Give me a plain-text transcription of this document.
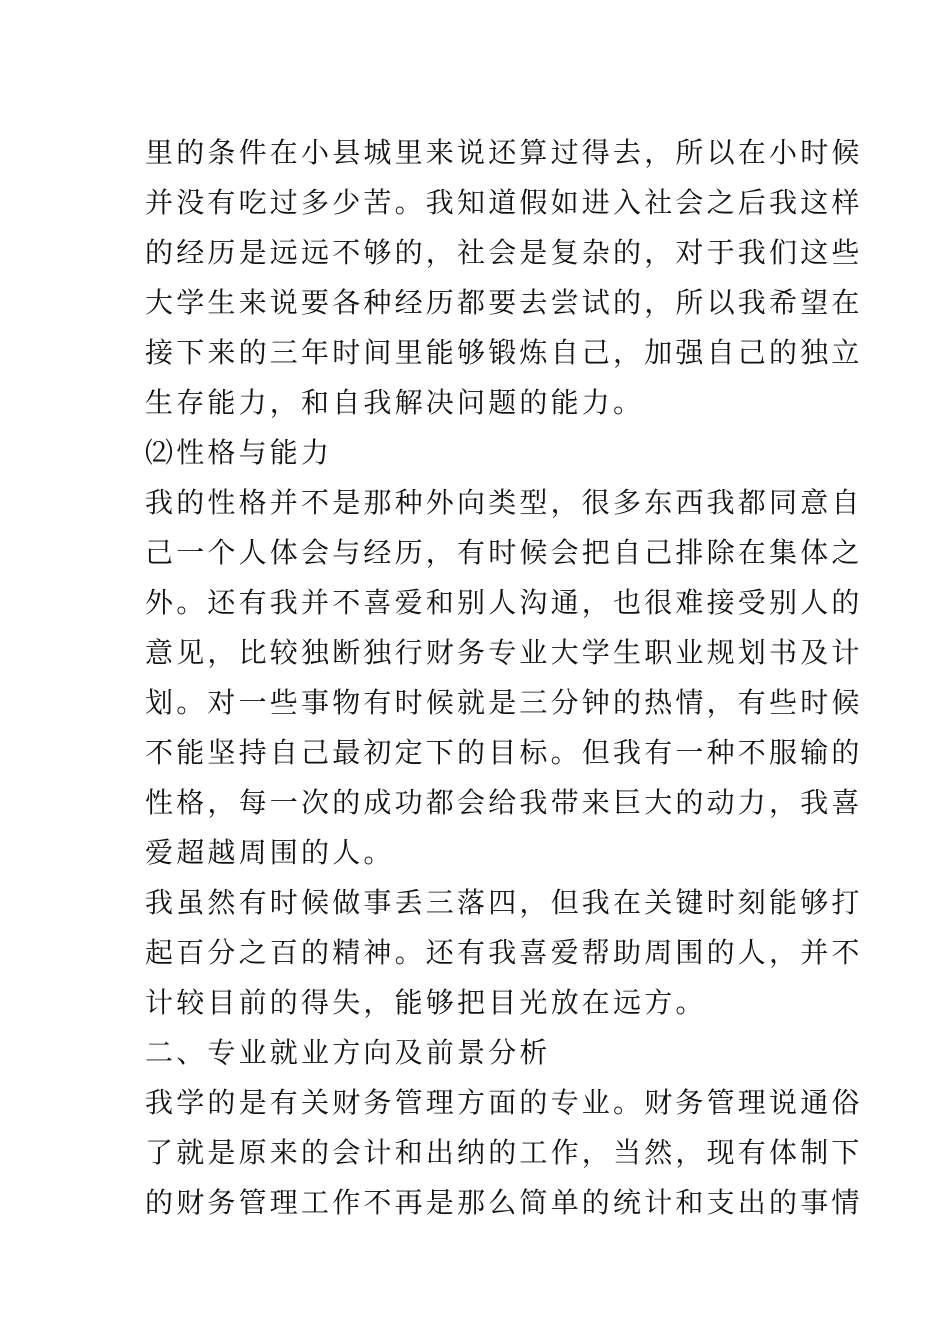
里的条件在小县城里来说还算过得去，所以在小时候
并没有吃过多少苦。我知道假如进入社会之后我这样
的经历是远远不够的，社会是复杂的，对于我们这些
大学生来说要各种经历都要去尝试的，所以我希望在
接下来的三年时间里能够锻炼自己，加强自己的独立
生存能力，和自我解决问题的能力。
⑵性格与能力
我的性格并不是那种外向类型，很多东西我都同意自
己一个人体会与经历，有时候会把自己排除在集体之
外。还有我并不喜爱和别人沟通，也很难接受别人的
意见，比较独断独行财务专业大学生职业规划书及计
划。对一些事物有时候就是三分钟的热情，有些时候
不能坚持自己最初定下的目标。但我有一种不服输的
性格，每一次的成功都会给我带来巨大的动力，我喜
爱超越周围的人。
我虽然有时候做事丢三落四，但我在关键时刻能够打
起百分之百的精神。还有我喜爱帮助周围的人，并不
计较目前的得失，能够把目光放在远方。
二、专业就业方向及前景分析
我学的是有关财务管理方面的专业。财务管理说通俗
了就是原来的会计和出纳的工作，当然，现有体制下
的财务管理工作不再是那么简单的统计和支出的事情
